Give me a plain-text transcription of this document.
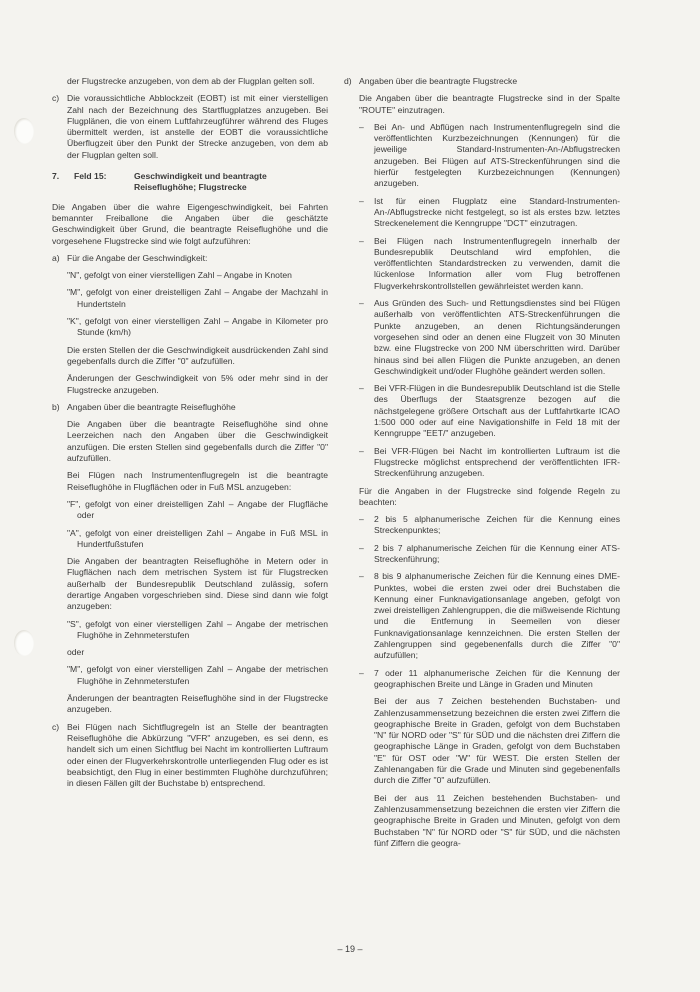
der Flugstrecke anzugeben, von dem ab der Flugplan gelten soll.

c) Die voraussichtliche Abblockzeit (EOBT) ist mit einer vierstelligen Zahl nach der Bezeichnung des Startflugplatzes anzugeben. Bei Flugplänen, die von einem Luftfahrzeugführer während des Fluges übermittelt werden, ist anstelle der EOBT die voraussichtliche Überflugzeit über den Punkt der Strecke anzugeben, von dem ab der Flugplan gelten soll.
7.	Feld 15:	Geschwindigkeit und beantragte Reiseflughöhe; Flugstrecke

Die Angaben über die wahre Eigengeschwindigkeit, bei Fahrten bemannter Freiballone die Angaben über die geschätzte Geschwindigkeit über Grund, die beantragte Reiseflughöhe und die vorgesehene Flugstrecke sind wie folgt aufzuführen:

a) Für die Angabe der Geschwindigkeit:

"N", gefolgt von einer vierstelligen Zahl – Angabe in Knoten

"M", gefolgt von einer dreistelligen Zahl – Angabe der Machzahl in Hundertsteln

"K", gefolgt von einer vierstelligen Zahl – Angabe in Kilometer pro Stunde (km/h)

Die ersten Stellen der die Geschwindigkeit ausdrückenden Zahl sind gegebenfalls durch die Ziffer "0" aufzufüllen.

Änderungen der Geschwindigkeit von 5% oder mehr sind in der Flugstrecke anzugeben.

b) Angaben über die beantragte Reiseflughöhe

Die Angaben über die beantragte Reiseflughöhe sind ohne Leerzeichen nach den Angaben über die Geschwindigkeit anzufügen. Die ersten Stellen sind gegebenfalls durch die Ziffer "0" aufzufüllen.

Bei Flügen nach Instrumentenflugregeln ist die beantragte Reiseflughöhe in Flugflächen oder in Fuß MSL anzugeben:

"F", gefolgt von einer dreistelligen Zahl – Angabe der Flugfläche oder

"A", gefolgt von einer dreistelligen Zahl – Angabe in Fuß MSL in Hundertfußstufen

Die Angaben der beantragten Reiseflughöhe in Metern oder in Flugflächen nach dem metrischen System ist für Flugstrecken außerhalb der Bundesrepublik Deutschland zulässig, sofern derartige Angaben vorgeschrieben sind. Diese sind dann wie folgt anzugeben:

"S", gefolgt von einer vierstelligen Zahl – Angabe der metrischen Flughöhe in Zehnmeterstufen

oder

"M", gefolgt von einer vierstelligen Zahl – Angabe der metrischen Flughöhe in Zehnmeterstufen

Änderungen der beantragten Reiseflughöhe sind in der Flugstrecke anzugeben.

c) Bei Flügen nach Sichtflugregeln ist an Stelle der beantragten Reiseflughöhe die Abkürzung "VFR" anzugeben, es sei denn, es handelt sich um einen Sichtflug bei Nacht im kontrollierten Luftraum oder einen der Flugverkehrskontrolle unterliegenden Flug oder es ist beabsichtigt, den Flug in einer bestimmten Flughöhe durchzuführen; in diesen Fällen gilt der Buchstabe b) entsprechend.
d) Angaben über die beantragte Flugstrecke

Die Angaben über die beantragte Flugstrecke sind in der Spalte "ROUTE" einzutragen.

–	Bei An- und Abflügen nach Instrumentenflugregeln sind die veröffentlichten Kurzbezeichnungen (Kennungen) für die jeweilige Standard-Instrumenten-An-/Abflugstrecken anzugeben. Bei Flügen auf ATS-Streckenführungen sind die hierfür festgelegten Kurzbezeichnungen (Kennungen) anzugeben.
–	Ist für einen Flugplatz eine Standard-Instrumenten-An-/Abflugstrecke nicht festgelegt, so ist als erstes bzw. letztes Streckenelement die Kenngruppe "DCT" einzutragen.
–	Bei Flügen nach Instrumentenflugregeln innerhalb der Bundesrepublik Deutschland wird empfohlen, die veröffentlichten Standardstrecken zu verwenden, damit die lückenlose Information aller vom Flug betroffenen Flugverkehrskontrollstellen gewährleistet werden kann.
–	Aus Gründen des Such- und Rettungsdienstes sind bei Flügen außerhalb von veröffentlichten ATS-Streckenführungen die Punkte anzugeben, an denen Richtungsänderungen vorgesehen sind oder an denen eine Flugzeit von 30 Minuten bzw. eine Flugstrecke von 200 NM überschritten wird. Darüber hinaus sind bei allen Flügen die Punkte anzugeben, an denen Geschwindigkeit und/oder Flughöhe geändert werden sollen.
–	Bei VFR-Flügen in die Bundesrepublik Deutschland ist die Stelle des Überflugs der Staatsgrenze bezogen auf die nächstgelegene größere Ortschaft aus der Luftfahrtkarte ICAO 1:500 000 oder auf eine Navigationshilfe in Feld 18 mit der Kenngruppe "EET/" anzugeben.
–	Bei VFR-Flügen bei Nacht im kontrollierten Luftraum ist die Flugstrecke möglichst entsprechend der veröffentlichten IFR-Streckenführung anzugeben.

Für die Angaben in der Flugstrecke sind folgende Regeln zu beachten:

–	2 bis 5 alphanumerische Zeichen für die Kennung eines Streckenpunktes;
–	2 bis 7 alphanumerische Zeichen für die Kennung einer ATS-Streckenführung;
–	8 bis 9 alphanumerische Zeichen für die Kennung eines DME-Punktes, wobei die ersten zwei oder drei Buchstaben die Kennung einer Funknavigationsanlage angeben, gefolgt von zwei dreistelligen Zahlengruppen, die die mißweisende Richtung und die Entfernung in Seemeilen von dieser Funknavigationsanlage kennzeichnen. Die ersten Stellen der Zahlengruppen sind gegebenenfalls durch die Ziffer "0" aufzufüllen;
–	7 oder 11 alphanumerische Zeichen für die Kennung der geographischen Breite und Länge in Graden und Minuten

Bei der aus 7 Zeichen bestehenden Buchstaben- und Zahlenzusammensetzung bezeichnen die ersten zwei Ziffern die geographische Breite in Graden, gefolgt von dem Buchstaben "N" für NORD oder "S" für SÜD und die nächsten drei Ziffern die geographische Länge in Graden, gefolgt von dem Buchstaben "E" für OST oder "W" für WEST. Die ersten Stellen der Zahlenangaben für die Grade und Minuten sind gegebenenfalls durch die Ziffer "0" aufzufüllen.

Bei der aus 11 Zeichen bestehenden Buchstaben- und Zahlenzusammensetzung bezeichnen die ersten vier Ziffern die geographische Breite in Graden und Minuten, gefolgt von dem Buchstaben "N" für NORD oder "S" für SÜD, und die nächsten fünf Ziffern die geogra-

– 19 –
